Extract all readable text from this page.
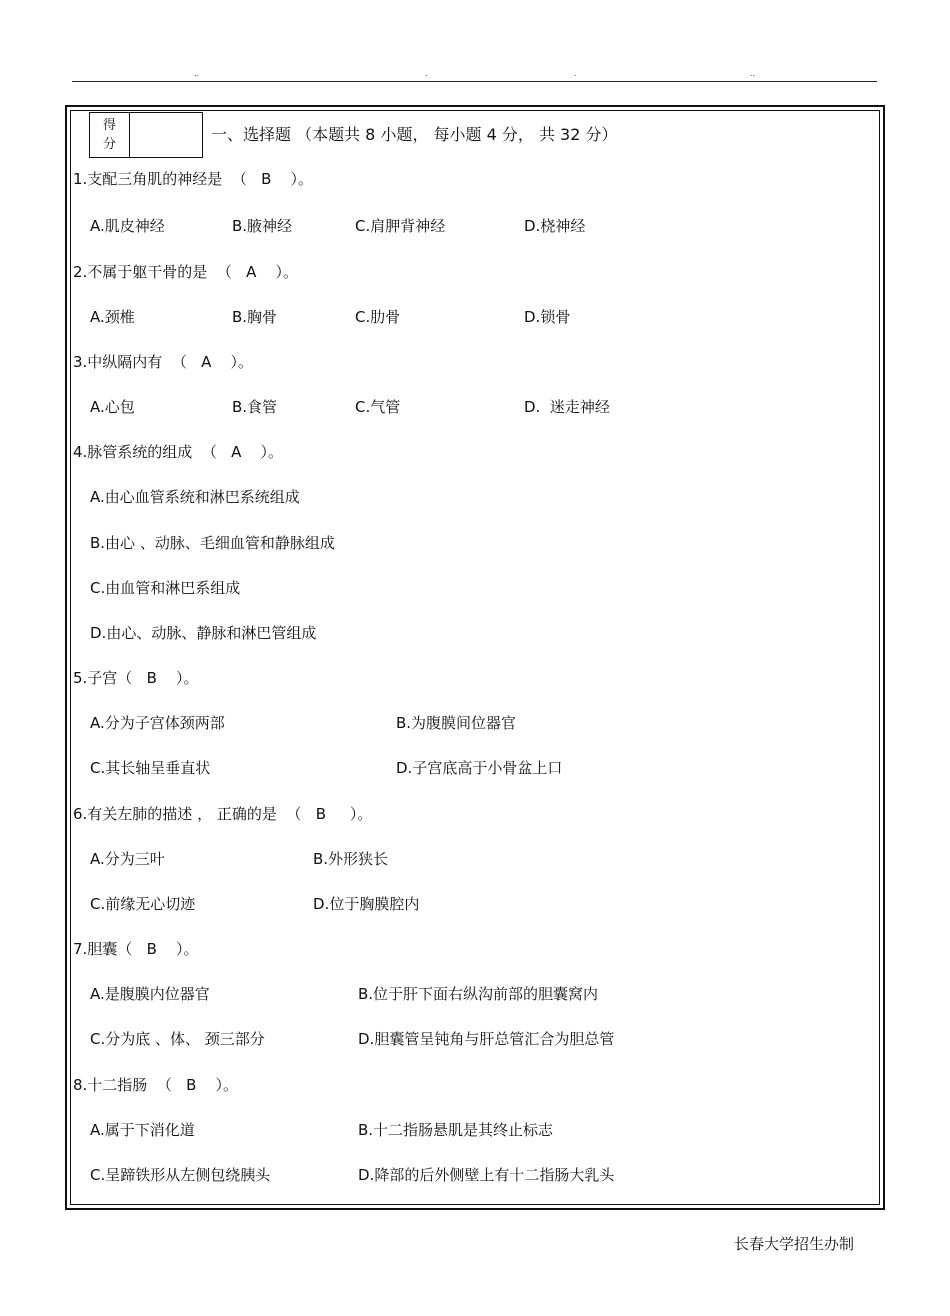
..	.	.	..
得
分
一、选择题 （本题共 8 小题， 每小题 4 分， 共 32 分）
1.支配三角肌的神经是  （   B    ）。
A.肌皮神经	B.腋神经	C.肩胛背神经	D.桡神经
2.不属于躯干骨的是  （   A    ）。
A.颈椎	B.胸骨	C.肋骨	D.锁骨
3.中纵隔内有  （   A    ）。
A.心包	B.食管	C.气管	D.  迷走神经
4.脉管系统的组成  （   A    ）。
A.由心血管系统和淋巴系统组成
B.由心 、动脉、毛细血管和静脉组成
C.由血管和淋巴系组成
D.由心、动脉、静脉和淋巴管组成
5.子宫（   B    ）。
A.分为子宫体颈两部	B.为腹膜间位器官
C.其长轴呈垂直状	D.子宫底高于小骨盆上口
6.有关左肺的描述 ， 正确的是  （   B     ）。
A.分为三叶	B.外形狭长
C.前缘无心切迹	D.位于胸膜腔内
7.胆囊（   B    ）。
A.是腹膜内位器官	B.位于肝下面右纵沟前部的胆囊窝内
C.分为底 、体、 颈三部分	D.胆囊管呈钝角与肝总管汇合为胆总管
8.十二指肠  （   B    ）。
A.属于下消化道	B.十二指肠悬肌是其终止标志
C.呈蹄铁形从左侧包绕胰头	D.降部的后外侧壁上有十二指肠大乳头
长春大学招生办制
